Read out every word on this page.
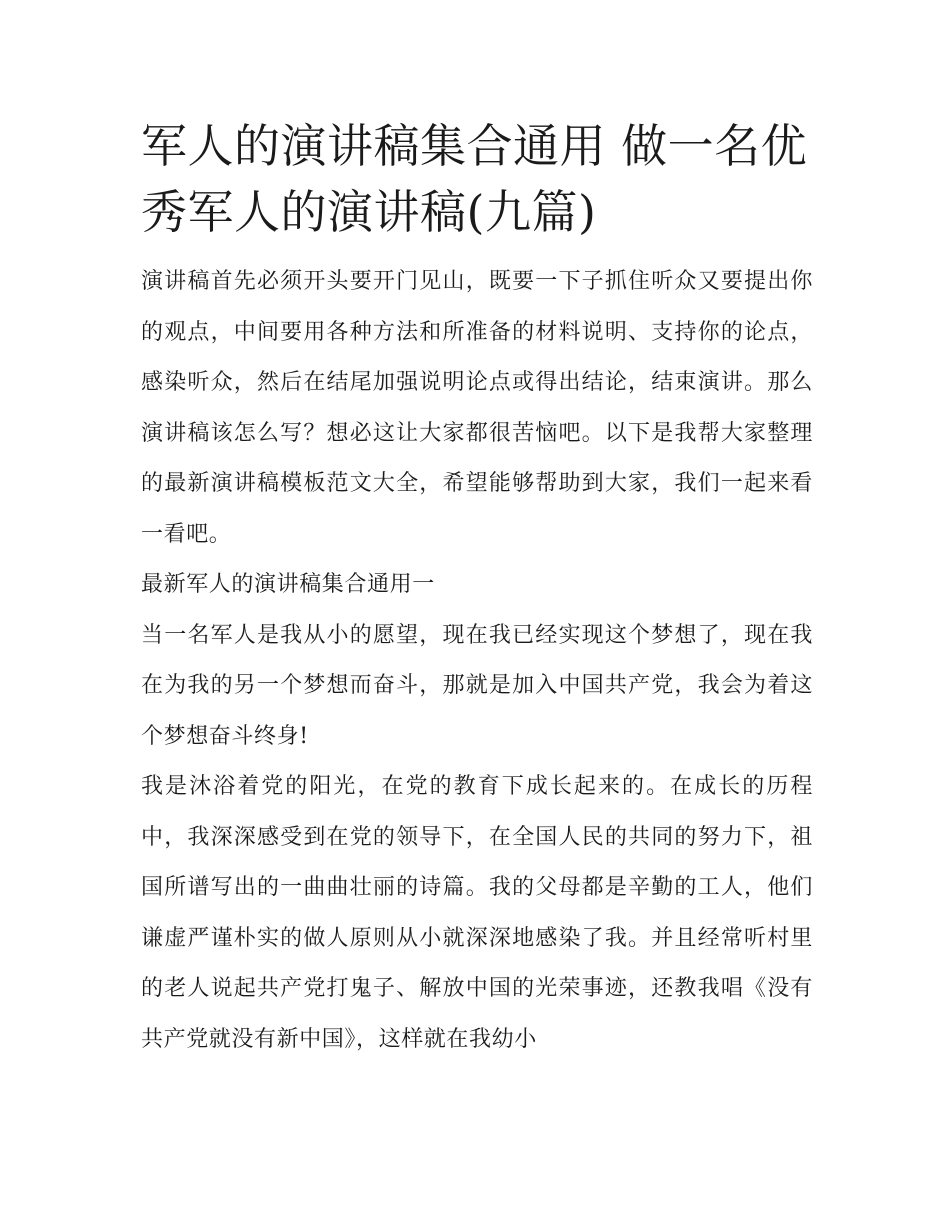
军人的演讲稿集合通用 做一名优秀军人的演讲稿(九篇)

演讲稿首先必须开头要开门见山，既要一下子抓住听众又要提出你的观点，中间要用各种方法和所准备的材料说明、支持你的论点，感染听众，然后在结尾加强说明论点或得出结论，结束演讲。那么演讲稿该怎么写？想必这让大家都很苦恼吧。以下是我帮大家整理的最新演讲稿模板范文大全，希望能够帮助到大家，我们一起来看一看吧。

最新军人的演讲稿集合通用一

当一名军人是我从小的愿望，现在我已经实现这个梦想了，现在我在为我的另一个梦想而奋斗，那就是加入中国共产党，我会为着这个梦想奋斗终身!

我是沐浴着党的阳光，在党的教育下成长起来的。在成长的历程中，我深深感受到在党的领导下，在全国人民的共同的努力下，祖国所谱写出的一曲曲壮丽的诗篇。我的父母都是辛勤的工人，他们谦虚严谨朴实的做人原则从小就深深地感染了我。并且经常听村里的老人说起共产党打鬼子、解放中国的光荣事迹，还教我唱《没有共产党就没有新中国》，这样就在我幼小
